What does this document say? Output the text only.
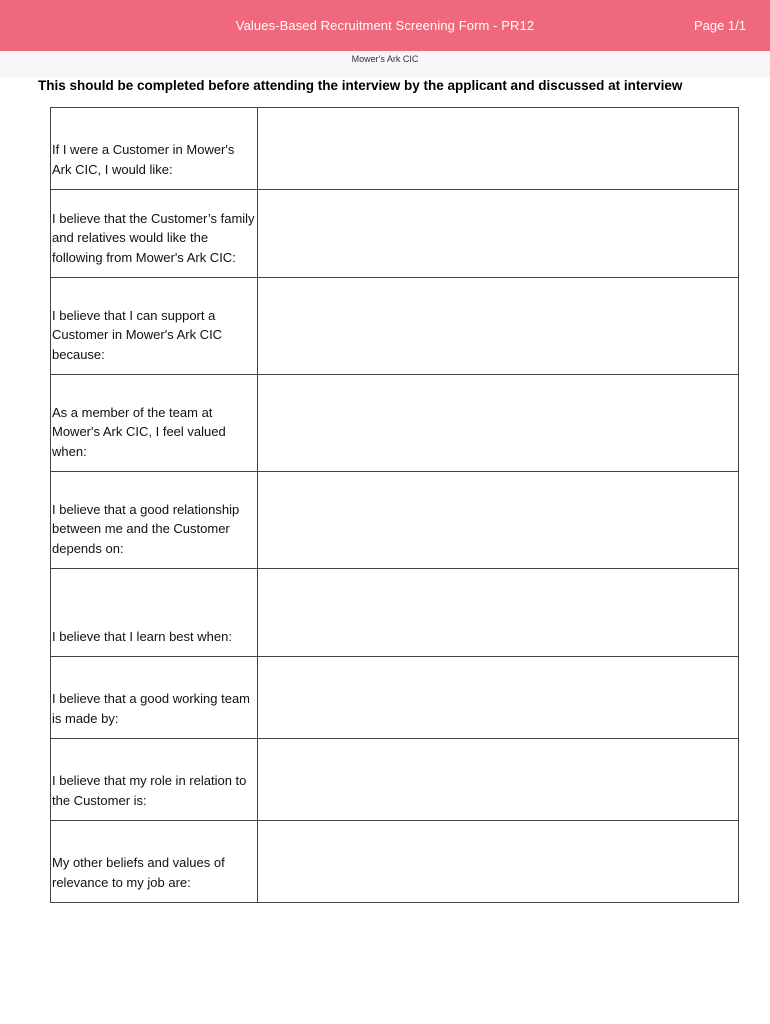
Values-Based Recruitment Screening Form - PR12	Page 1/1
Mower's Ark CIC
This should be completed before attending the interview by the applicant and discussed at interview
If I were a Customer in Mower's Ark CIC, I would like:	
I believe that the Customer’s family and relatives would like the following from Mower's Ark CIC:	
I believe that I can support a Customer in Mower's Ark CIC because:	
As a member of the team at Mower's Ark CIC, I feel valued when:	
I believe that a good relationship between me and the Customer depends on:	
I believe that I learn best when:	
I believe that a good working team is made by:	
I believe that my role in relation to the Customer is:	
My other beliefs and values of relevance to my job are:	
